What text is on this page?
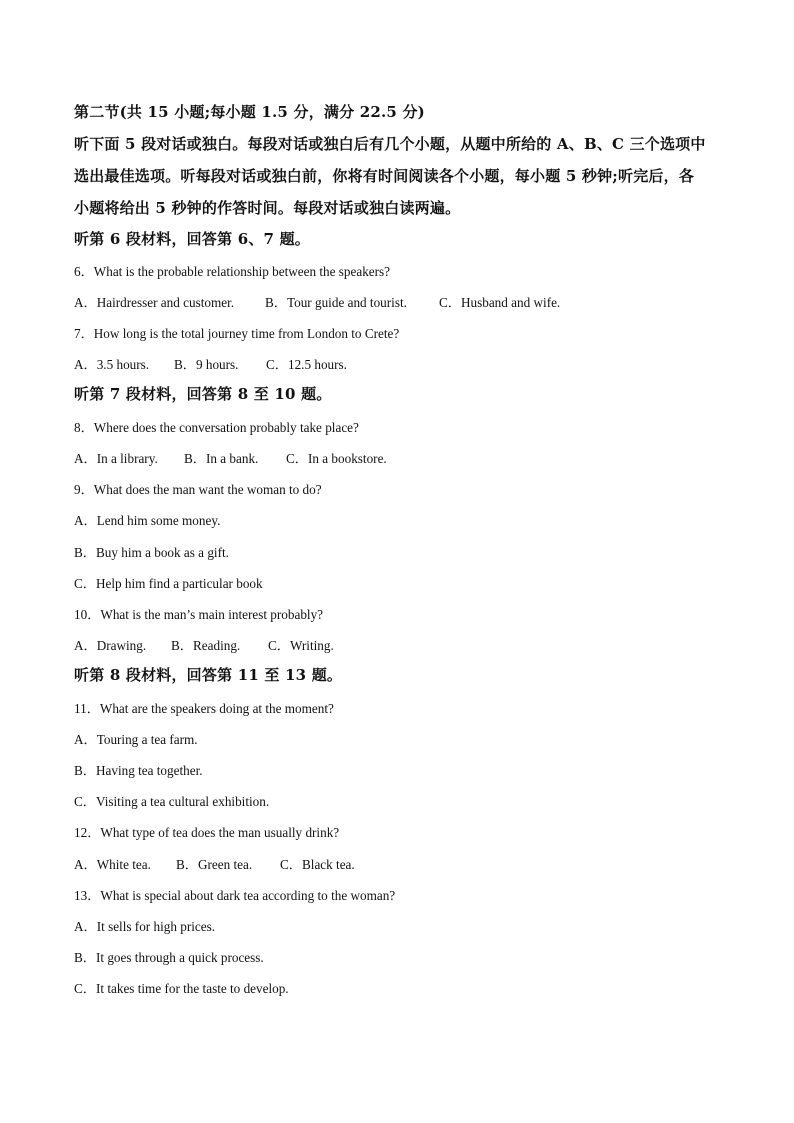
第二节(共 15 小题;每小题 1.5 分，满分 22.5 分)
听下面 5 段对话或独白。每段对话或独白后有几个小题，从题中所给的 A、B、C 三个选项中
选出最佳选项。听每段对话或独白前，你将有时间阅读各个小题，每小题 5 秒钟;听完后，各
小题将给出 5 秒钟的作答时间。每段对话或独白读两遍。
听第 6 段材料，回答第 6、7 题。
6．What is the probable relationship between the speakers?
A．Hairdresser and customer. B．Tour guide and tourist. C．Husband and wife.
7．How long is the total journey time from London to Crete?
A．3.5 hours. B．9 hours. C．12.5 hours.
听第 7 段材料，回答第 8 至 10 题。
8．Where does the conversation probably take place?
A．In a library. B．In a bank. C．In a bookstore.
9．What does the man want the woman to do?
A．Lend him some money.
B．Buy him a book as a gift.
C．Help him find a particular book
10．What is the man’s main interest probably?
A．Drawing. B．Reading. C．Writing.
听第 8 段材料，回答第 11 至 13 题。
11．What are the speakers doing at the moment?
A．Touring a tea farm.
B．Having tea together.
C．Visiting a tea cultural exhibition.
12．What type of tea does the man usually drink?
A．White tea. B．Green tea. C．Black tea.
13．What is special about dark tea according to the woman?
A．It sells for high prices.
B．It goes through a quick process.
C．It takes time for the taste to develop.
